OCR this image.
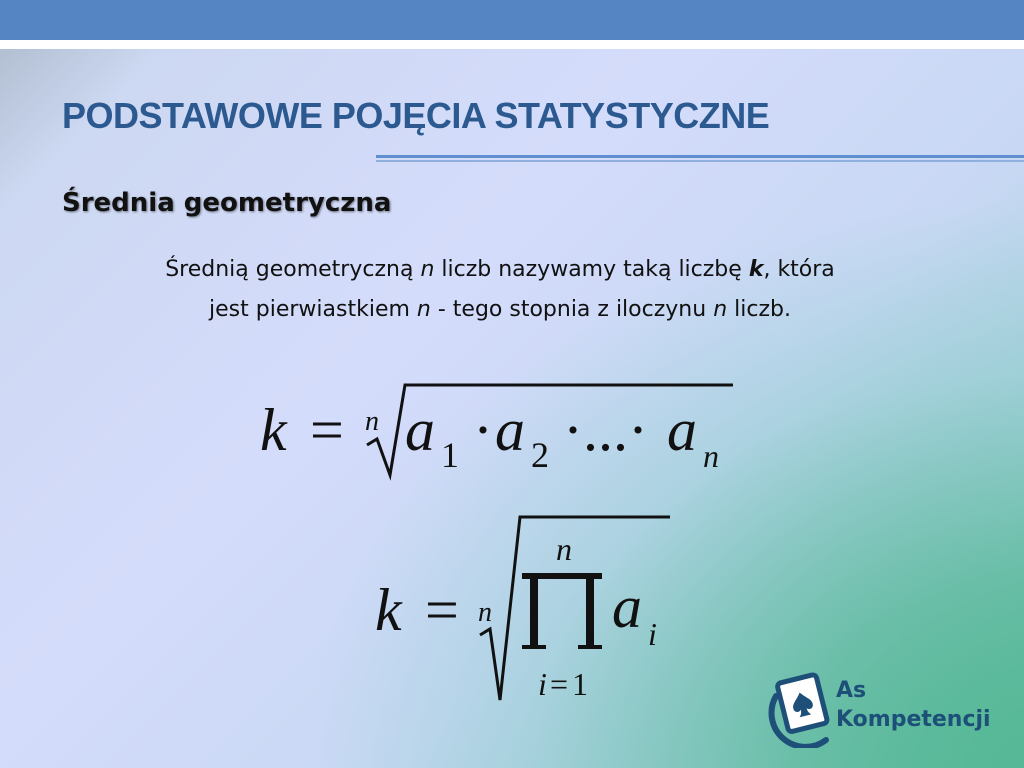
PODSTAWOWE POJĘCIA STATYSTYCZNE
Średnia geometryczna

Średnią geometryczną n liczb nazywamy taką liczbę k, która
jest pierwiastkiem n - tego stopnia z iloczynu n liczb.

k = n a 1 · a 2 ·...· a n
k = n
n
i = 1
a i

As
Kompetencji
